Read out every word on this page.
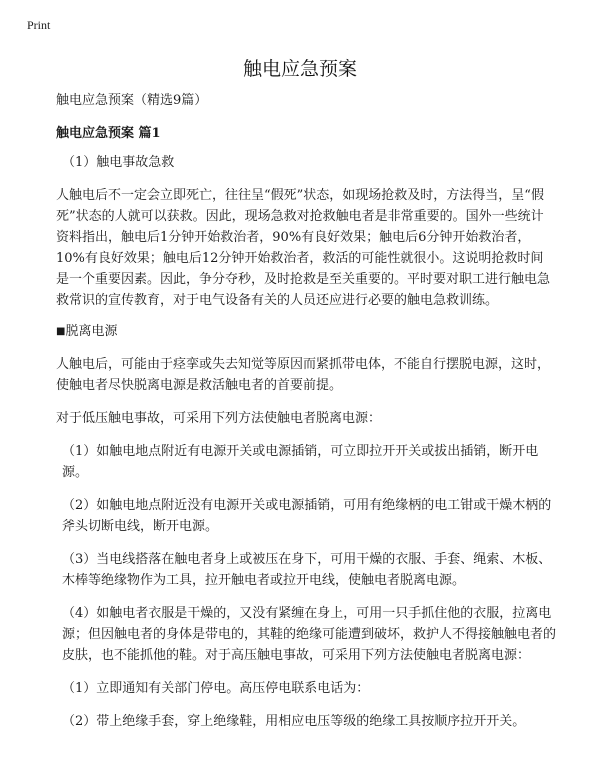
Print
触电应急预案

触电应急预案（精选9篇）

触电应急预案 篇1

（1）触电事故急救

人触电后不一定会立即死亡，往往呈“假死”状态，如现场抢救及时，方法得当，呈“假死”状态的人就可以获救。因此，现场急救对抢救触电者是非常重要的。国外一些统计资料指出，触电后1分钟开始救治者，90%有良好效果；触电后6分钟开始救治者，10%有良好效果；触电后12分钟开始救治者，救活的可能性就很小。这说明抢救时间是一个重要因素。因此，争分夺秒，及时抢救是至关重要的。平时要对职工进行触电急救常识的宣传教育，对于电气设备有关的人员还应进行必要的触电急救训练。

■脱离电源

人触电后，可能由于痉挛或失去知觉等原因而紧抓带电体，不能自行摆脱电源，这时，使触电者尽快脱离电源是救活触电者的首要前提。

对于低压触电事故，可采用下列方法使触电者脱离电源：

（1）如触电地点附近有电源开关或电源插销，可立即拉开开关或拔出插销，断开电源。

（2）如触电地点附近没有电源开关或电源插销，可用有绝缘柄的电工钳或干燥木柄的斧头切断电线，断开电源。

（3）当电线搭落在触电者身上或被压在身下，可用干燥的衣服、手套、绳索、木板、木棒等绝缘物作为工具，拉开触电者或拉开电线，使触电者脱离电源。

（4）如触电者衣服是干燥的，又没有紧缠在身上，可用一只手抓住他的衣服，拉离电源；但因触电者的身体是带电的，其鞋的绝缘可能遭到破坏，救护人不得接触触电者的皮肤，也不能抓他的鞋。对于高压触电事故，可采用下列方法使触电者脱离电源：

（1）立即通知有关部门停电。高压停电联系电话为：

（2）带上绝缘手套，穿上绝缘鞋，用相应电压等级的绝缘工具按顺序拉开开关。
